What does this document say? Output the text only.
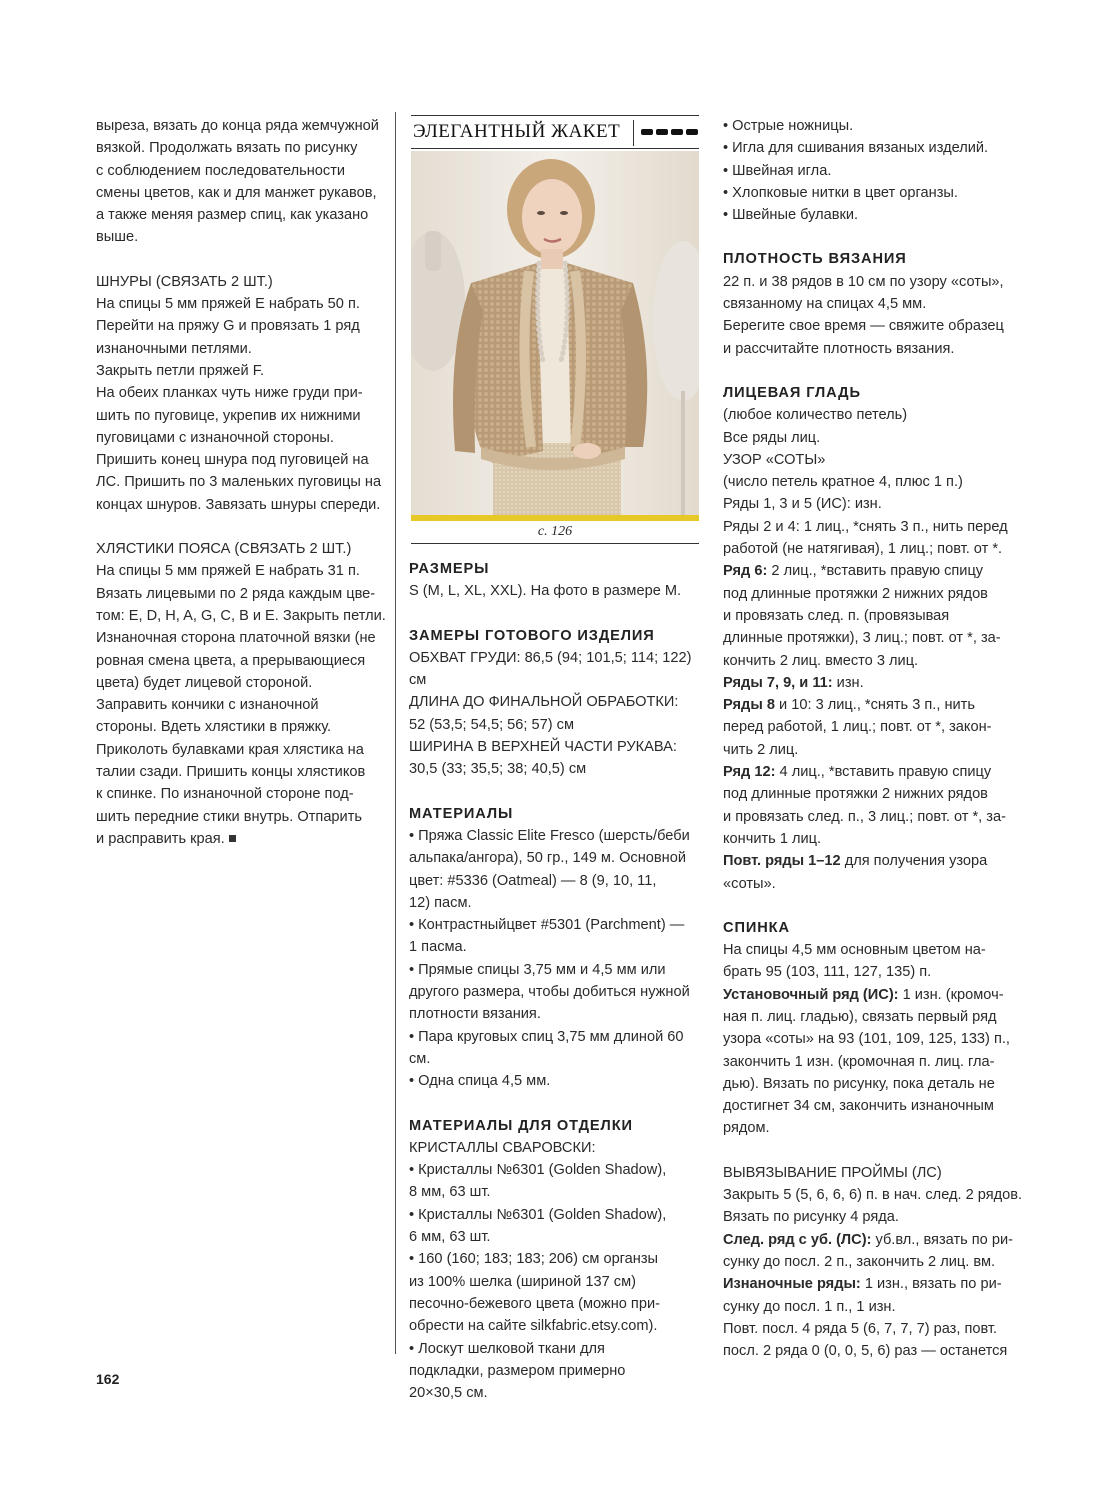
выреза, вязать до конца ряда жемчужной

вязкой. Продолжать вязать по рисунку

с соблюдением последовательности

смены цветов, как и для манжет рукавов,

а также меняя размер спиц, как указано

выше.

ШНУРЫ (СВЯЗАТЬ 2 ШТ.)

На спицы 5 мм пряжей Е набрать 50 п.

Перейти на пряжу G и провязать 1 ряд

изнаночными петлями.

Закрыть петли пряжей F.

На обеих планках чуть ниже груди при-

шить по пуговице, укрепив их нижними

пуговицами с изнаночной стороны.

Пришить конец шнура под пуговицей на

ЛС. Пришить по 3 маленьких пуговицы на

концах шнуров. Завязать шнуры спереди.

ХЛЯСТИКИ ПОЯСА (СВЯЗАТЬ 2 ШТ.)

На спицы 5 мм пряжей Е набрать 31 п.

Вязать лицевыми по 2 ряда каждым цве-

том: E, D, H, A, G, C, B и E. Закрыть петли.

Изнаночная сторона платочной вязки (не

ровная смена цвета, а прерывающиеся

цвета) будет лицевой стороной.

Заправить кончики с изнаночной

стороны. Вдеть хлястики в пряжку.

Приколоть булавками края хлястика на

талии сзади. Пришить концы хлястиков

к спинке. По изнаночной стороне под-

шить передние стики внутрь. Отпарить

и расправить края.

ЭЛЕГАНТНЫЙ ЖАКЕТ
с. 126

РАЗМЕРЫ

S (M, L, XL, XXL). На фото в размере M.

ЗАМЕРЫ ГОТОВОГО ИЗДЕЛИЯ

ОБХВАТ ГРУДИ: 86,5 (94; 101,5; 114; 122) см

ДЛИНА ДО ФИНАЛЬНОЙ ОБРАБОТКИ:

52 (53,5; 54,5; 56; 57) см

ШИРИНА В ВЕРХНЕЙ ЧАСТИ РУКАВА:

30,5 (33; 35,5; 38; 40,5) см

МАТЕРИАЛЫ

• Пряжа Classic Elite Fresco (шерсть/беби

альпака/ангора), 50 гр., 149 м. Основной

цвет: #5336 (Oatmeal) — 8 (9, 10, 11,

12) пасм.

• Контрастныйцвет #5301 (Parchment) —

1 пасма.

• Прямые спицы 3,75 мм и 4,5 мм или

другого размера, чтобы добиться нужной

плотности вязания.

• Пара круговых спиц 3,75 мм длиной 60 см.

• Одна спица 4,5 мм.

МАТЕРИАЛЫ ДЛЯ ОТДЕЛКИ

КРИСТАЛЛЫ СВАРОВСКИ:

• Кристаллы №6301 (Golden Shadow),

8 мм, 63 шт.

• Кристаллы №6301 (Golden Shadow),

6 мм, 63 шт.

• 160 (160; 183; 183; 206) см органзы

из 100% шелка (шириной 137 см)

песочно-бежевого цвета (можно при-

обрести на сайте silkfabric.etsy.com).

• Лоскут шелковой ткани для

подкладки, размером примерно

20×30,5 см.

• Острые ножницы.

• Игла для сшивания вязаных изделий.

• Швейная игла.

• Хлопковые нитки в цвет органзы.

• Швейные булавки.

ПЛОТНОСТЬ ВЯЗАНИЯ

22 п. и 38 рядов в 10 см по узору «соты»,

связанному на спицах 4,5 мм.

Берегите свое время — свяжите образец

и рассчитайте плотность вязания.

ЛИЦЕВАЯ ГЛАДЬ

(любое количество петель)

Все ряды лиц.

УЗОР «СОТЫ»

(число петель кратное 4, плюс 1 п.)

Ряды 1, 3 и 5 (ИС): изн.

Ряды 2 и 4: 1 лиц., *снять 3 п., нить перед

работой (не натягивая), 1 лиц.; повт. от *.

Ряд 6: 2 лиц., *вставить правую спицу

под длинные протяжки 2 нижних рядов

и провязать след. п. (провязывая

длинные протяжки), 3 лиц.; повт. от *, за-

кончить 2 лиц. вместо 3 лиц.

Ряды 7, 9, и 11: изн.

Ряды 8 и 10: 3 лиц., *снять 3 п., нить

перед работой, 1 лиц.; повт. от *, закон-

чить 2 лиц.

Ряд 12: 4 лиц., *вставить правую спицу

под длинные протяжки 2 нижних рядов

и провязать след. п., 3 лиц.; повт. от *, за-

кончить 1 лиц.

Повт. ряды 1–12 для получения узора

«соты».

СПИНКА

На спицы 4,5 мм основным цветом на-

брать 95 (103, 111, 127, 135) п.

Установочный ряд (ИС): 1 изн. (кромоч-

ная п. лиц. гладью), связать первый ряд

узора «соты» на 93 (101, 109, 125, 133) п.,

закончить 1 изн. (кромочная п. лиц. гла-

дью). Вязать по рисунку, пока деталь не

достигнет 34 см, закончить изнаночным

рядом.

ВЫВЯЗЫВАНИЕ ПРОЙМЫ (ЛС)

Закрыть 5 (5, 6, 6, 6) п. в нач. след. 2 рядов.

Вязать по рисунку 4 ряда.

След. ряд с уб. (ЛС): уб.вл., вязать по ри-

сунку до посл. 2 п., закончить 2 лиц. вм.

Изнаночные ряды: 1 изн., вязать по ри-

сунку до посл. 1 п., 1 изн.

Повт. посл. 4 ряда 5 (6, 7, 7, 7) раз, повт.

посл. 2 ряда 0 (0, 0, 5, 6) раз — останется

162
